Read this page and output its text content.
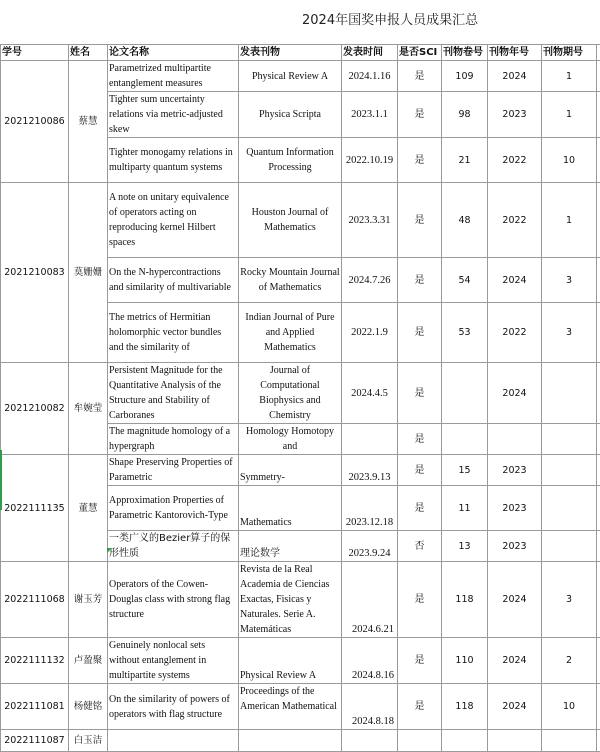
2024年国奖申报人员成果汇总
学号	姓名	论文名称	发表刊物	发表时间	是否SCI	刊物卷号	刊物年号	刊物期号	
2021210086	蔡慧	Parametrized multipartite entanglement measures	Physical Review A	2024.1.16	是	109	2024	1	
		Tighter sum uncertainty relations via metric-adjusted skew	Physica Scripta	2023.1.1	是	98	2023	1	
		Tighter monogamy relations in multiparty quantum systems	Quantum Information Processing	2022.10.19	是	21	2022	10	
2021210083	莫姗姗	A note on unitary equivalence of operators acting on reproducing kernel Hilbert spaces	Houston Journal of Mathematics	2023.3.31	是	48	2022	1	
		On the N-hypercontractions and similarity of multivariable	Rocky Mountain Journal of Mathematics	2024.7.26	是	54	2024	3	
		The metrics of Hermitian holomorphic vector bundles and the similarity of	Indian Journal of Pure and Applied Mathematics	2022.1.9	是	53	2022	3	
2021210082	牟婉莹	Persistent Magnitude for the Quantitative Analysis of the Structure and Stability of Carboranes	Journal of Computational Biophysics and Chemistry	2024.4.5	是		2024		
		The magnitude homology of a hypergraph	Homology Homotopy and		是				
2022111135	董慧	Shape Preserving Properties of Parametric	Symmetry-	2023.9.13	是	15	2023		
		Approximation Properties of Parametric Kantorovich-Type	Mathematics	2023.12.18	是	11	2023		
		一类广义的Bezier算子的保形性质	理论数学	2023.9.24	否	13	2023		
2022111068	谢玉芳	Operators of the Cowen-Douglas class with strong flag structure	Revista de la Real Academia de Ciencias Exactas, Fisicas y Naturales. Serie A. Matemáticas	2024.6.21	是	118	2024	3	
2022111132	卢盈聚	Genuinely nonlocal sets without entanglement in multipartite systems	Physical Review A	2024.8.16	是	110	2024	2	
2022111081	杨健铭	On the similarity of powers of operators with flag structure	Proceedings of the American Mathematical	2024.8.18	是	118	2024	10	
2022111087	白玉洁								
